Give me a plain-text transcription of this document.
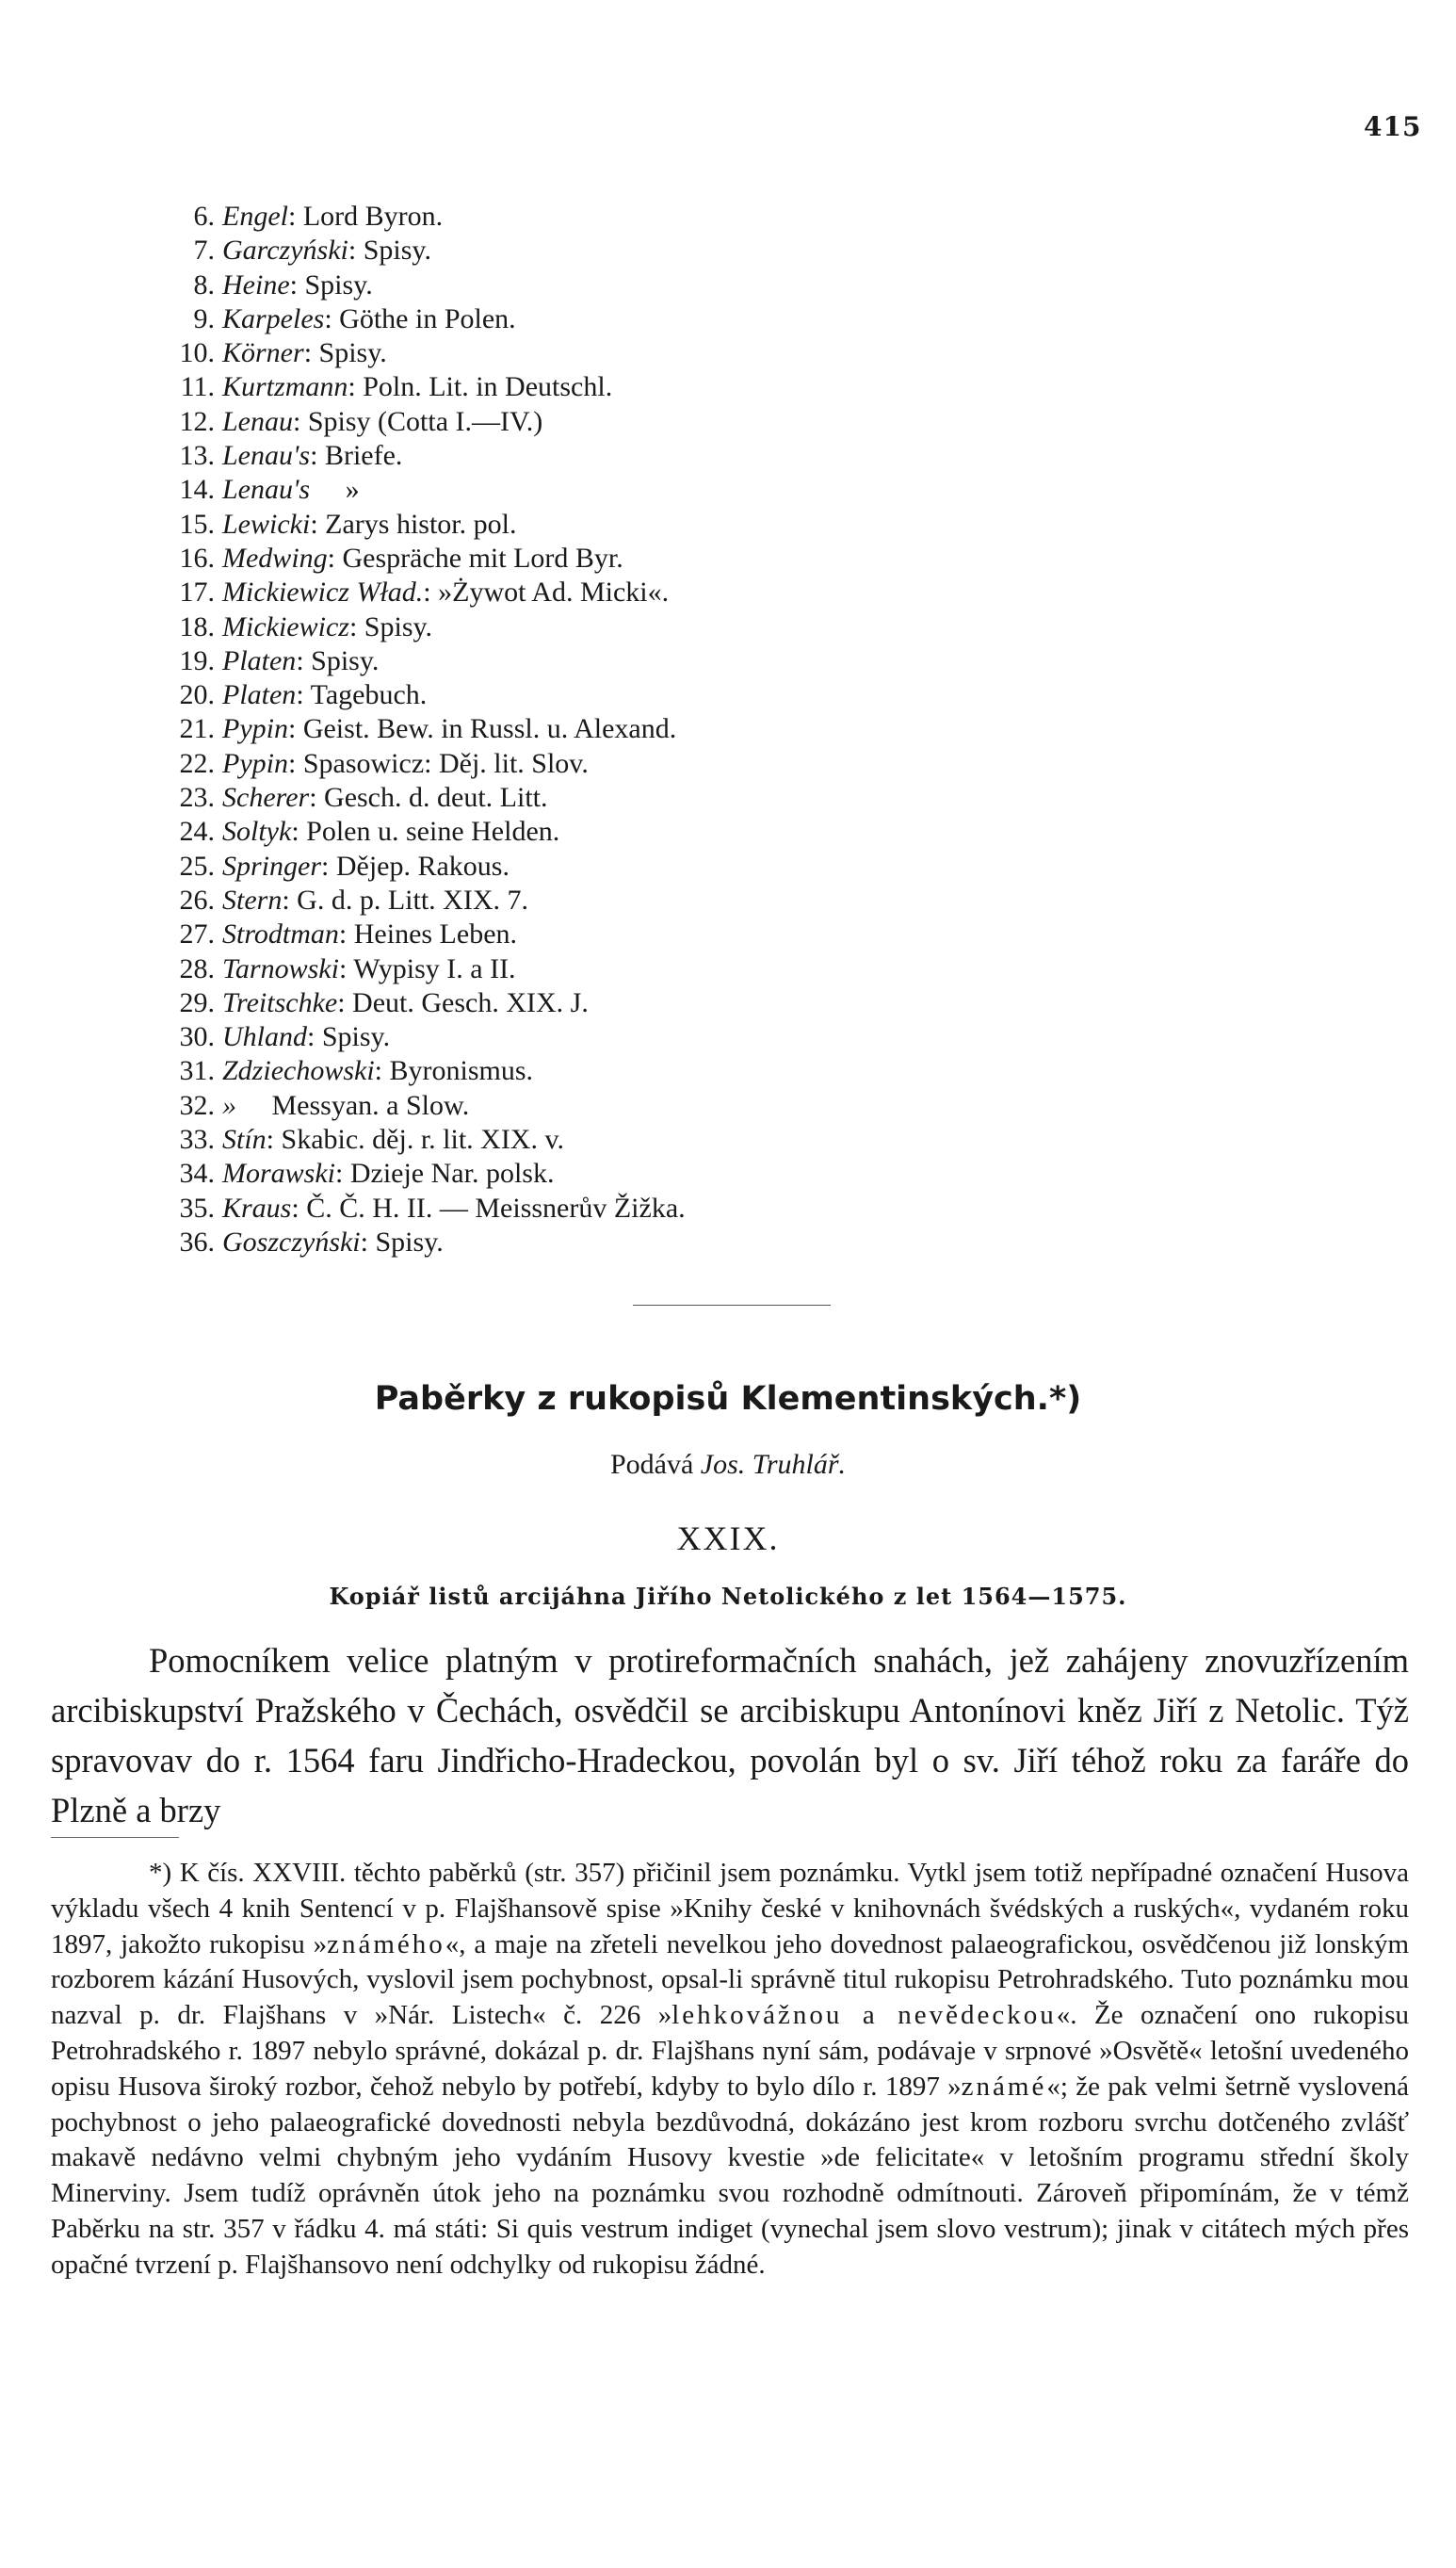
415
6. Engel: Lord Byron.
7. Garczyński: Spisy.
8. Heine: Spisy.
9. Karpeles: Göthe in Polen.
10. Körner: Spisy.
11. Kurtzmann: Poln. Lit. in Deutschl.
12. Lenau: Spisy (Cotta I.—IV.)
13. Lenau's: Briefe.
14. Lenau's »
15. Lewicki: Zarys histor. pol.
16. Medwing: Gespräche mit Lord Byr.
17. Mickiewicz Wład.: »Żywot Ad. Micki«.
18. Mickiewicz: Spisy.
19. Platen: Spisy.
20. Platen: Tagebuch.
21. Pypin: Geist. Bew. in Russl. u. Alexand.
22. Pypin: Spasowicz: Děj. lit. Slov.
23. Scherer: Gesch. d. deut. Litt.
24. Soltyk: Polen u. seine Helden.
25. Springer: Dějep. Rakous.
26. Stern: G. d. p. Litt. XIX. 7.
27. Strodtman: Heines Leben.
28. Tarnowski: Wypisy I. a II.
29. Treitschke: Deut. Gesch. XIX. J.
30. Uhland: Spisy.
31. Zdziechowski: Byronismus.
32. » Messyan. a Slow.
33. Stín: Skabic. děj. r. lit. XIX. v.
34. Morawski: Dzieje Nar. polsk.
35. Kraus: Č. Č. H. II. — Meissnerův Žižka.
36. Goszczyński: Spisy.
Paběrky z rukopisů Klementinských.*)
Podává Jos. Truhlář.
XXIX.
Kopiář listů arcijáhna Jiřího Netolického z let 1564—1575.

Pomocníkem velice platným v protireformačních snahách, jež zahájeny znovuzřízením arcibiskupství Pražského v Čechách, osvědčil se arcibiskupu Antonínovi kněz Jiří z Netolic. Týž spravovav do r. 1564 faru Jindřicho-Hradeckou, povolán byl o sv. Jiří téhož roku za faráře do Plzně a brzy

*) K čís. XXVIII. těchto paběrků (str. 357) přičinil jsem poznámku. Vytkl jsem totiž nepřípadné označení Husova výkladu všech 4 knih Sentencí v p. Flajšhansově spise »Knihy české v knihovnách švédských a ruských«, vydaném roku 1897, jakožto rukopisu »známého«, a maje na zřeteli nevelkou jeho dovednost palaeografickou, osvědčenou již lonským rozborem kázání Husových, vyslovil jsem pochybnost, opsal-li správně titul rukopisu Petrohradského. Tuto poznámku mou nazval p. dr. Flajšhans v »Nár. Listech« č. 226 »lehkovážnou a nevědeckou«. Že označení ono rukopisu Petrohradského r. 1897 nebylo správné, dokázal p. dr. Flajšhans nyní sám, podávaje v srpnové »Osvětě« letošní uvedeného opisu Husova široký rozbor, čehož nebylo by potřebí, kdyby to bylo dílo r. 1897 »známé«; že pak velmi šetrně vyslovená pochybnost o jeho palaeografické dovednosti nebyla bezdůvodná, dokázáno jest krom rozboru svrchu dotčeného zvlášť makavě nedávno velmi chybným jeho vydáním Husovy kvestie »de felicitate« v letošním programu střední školy Minerviny. Jsem tudíž oprávněn útok jeho na poznámku svou rozhodně odmítnouti. Zároveň připomínám, že v témž Paběrku na str. 357 v řádku 4. má státi: Si quis vestrum indiget (vynechal jsem slovo vestrum); jinak v citátech mých přes opačné tvrzení p. Flajšhansovo není odchylky od rukopisu žádné.
